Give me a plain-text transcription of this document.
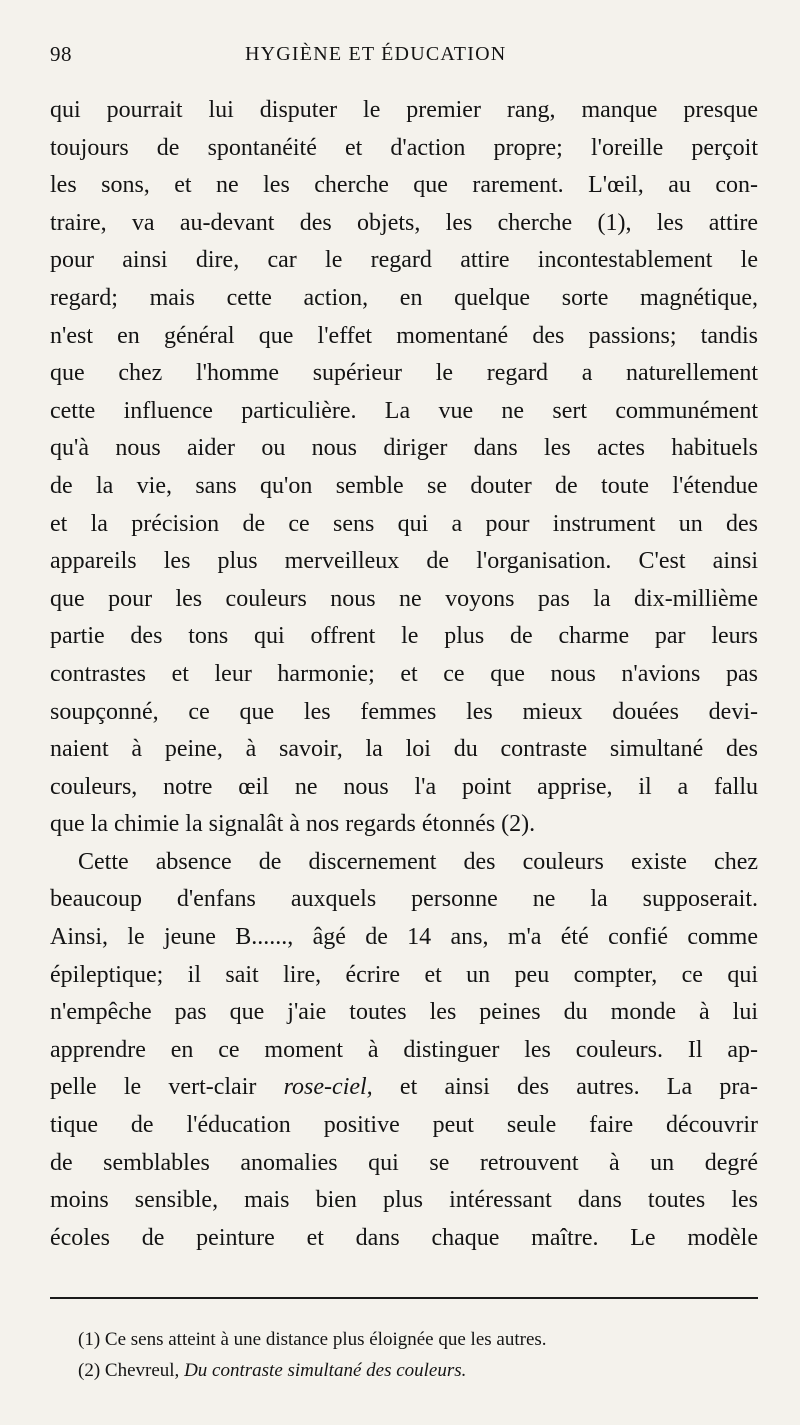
98	HYGIÈNE ET ÉDUCATION
qui pourrait lui disputer le premier rang, manque presque
toujours de spontanéité et d'action propre; l'oreille perçoit
les sons, et ne les cherche que rarement. L'œil, au con-
traire, va au-devant des objets, les cherche (1), les attire
pour ainsi dire, car le regard attire incontestablement le
regard; mais cette action, en quelque sorte magnétique,
n'est en général que l'effet momentané des passions; tandis
que chez l'homme supérieur le regard a naturellement
cette influence particulière. La vue ne sert communément
qu'à nous aider ou nous diriger dans les actes habituels
de la vie, sans qu'on semble se douter de toute l'étendue
et la précision de ce sens qui a pour instrument un des
appareils les plus merveilleux de l'organisation. C'est ainsi
que pour les couleurs nous ne voyons pas la dix-millième
partie des tons qui offrent le plus de charme par leurs
contrastes et leur harmonie; et ce que nous n'avions pas
soupçonné, ce que les femmes les mieux douées devi-
naient à peine, à savoir, la loi du contraste simultané des
couleurs, notre œil ne nous l'a point apprise, il a fallu
que la chimie la signalât à nos regards étonnés (2).
Cette absence de discernement des couleurs existe chez
beaucoup d'enfans auxquels personne ne la supposerait.
Ainsi, le jeune B......, âgé de 14 ans, m'a été confié comme
épileptique; il sait lire, écrire et un peu compter, ce qui
n'empêche pas que j'aie toutes les peines du monde à lui
apprendre en ce moment à distinguer les couleurs. Il ap-
pelle le vert-clair rose-ciel, et ainsi des autres. La pra-
tique de l'éducation positive peut seule faire découvrir
de semblables anomalies qui se retrouvent à un degré
moins sensible, mais bien plus intéressant dans toutes les
écoles de peinture et dans chaque maître. Le modèle
(1) Ce sens atteint à une distance plus éloignée que les autres.
(2) Chevreul, Du contraste simultané des couleurs.
